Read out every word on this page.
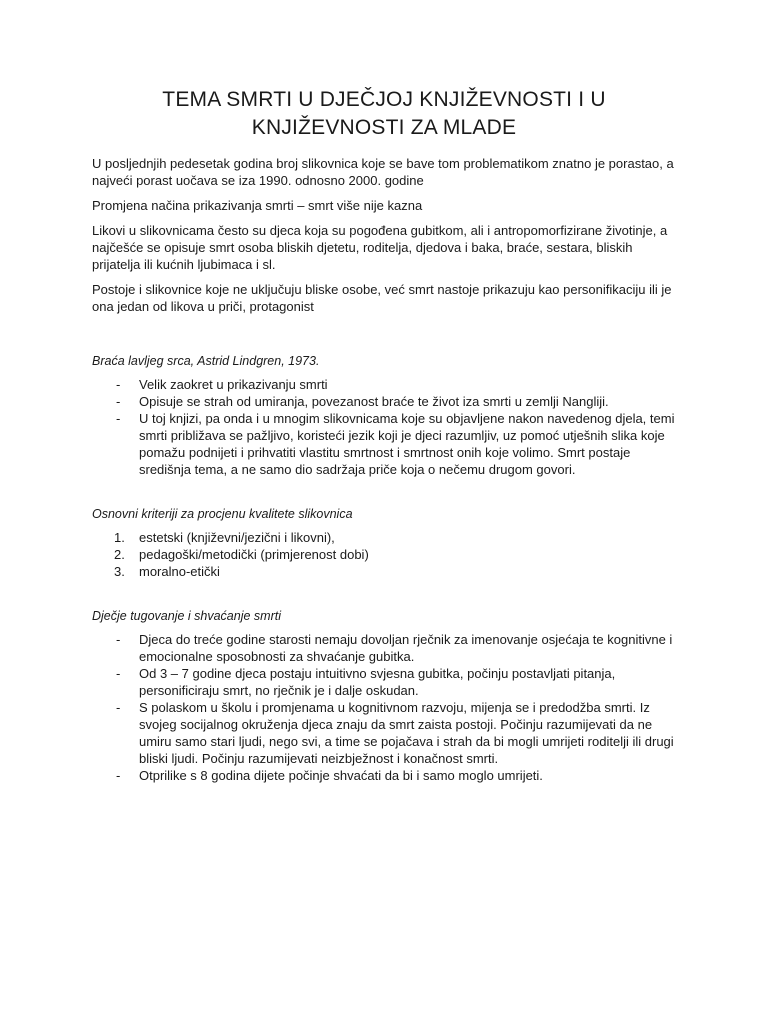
TEMA SMRTI U DJEČJOJ KNJIŽEVNOSTI I U KNJIŽEVNOSTI ZA MLADE

U posljednjih pedesetak godina broj slikovnica koje se bave tom problematikom znatno je porastao, a najveći porast uočava se iza 1990. odnosno 2000. godine

Promjena načina prikazivanja smrti – smrt više nije kazna

Likovi u slikovnicama često su djeca koja su pogođena gubitkom, ali i antropomorfizirane životinje, a najčešće se opisuje smrt osoba bliskih djetetu, roditelja, djedova i baka, braće, sestara, bliskih prijatelja ili kućnih ljubimaca i sl.

Postoje i slikovnice koje ne uključuju bliske osobe, već smrt nastoje prikazuju kao personifikaciju ili je ona jedan od likova u priči, protagonist

Braća lavljeg srca, Astrid Lindgren, 1973.

- Velik zaokret u prikazivanju smrti
- Opisuje se strah od umiranja, povezanost braće te život iza smrti u zemlji Nangliji.
- U toj knjizi, pa onda i u mnogim slikovnicama koje su objavljene nakon navedenog djela, temi smrti približava se pažljivo, koristeći jezik koji je djeci razumljiv, uz pomoć utješnih slika koje pomažu podnijeti i prihvatiti vlastitu smrtnost i smrtnost onih koje volimo. Smrt postaje središnja tema, a ne samo dio sadržaja priče koja o nečemu drugom govori.

Osnovni kriteriji za procjenu kvalitete slikovnica

1. estetski (književni/jezični i likovni),
2. pedagoški/metodički (primjerenost dobi)
3. moralno-etički

Dječje tugovanje i shvaćanje smrti

- Djeca do treće godine starosti nemaju dovoljan rječnik za imenovanje osjećaja te kognitivne i emocionalne sposobnosti za shvaćanje gubitka.
- Od 3 – 7 godine djeca postaju intuitivno svjesna gubitka, počinju postavljati pitanja, personificiraju smrt, no rječnik je i dalje oskudan.
- S polaskom u školu i promjenama u kognitivnom razvoju, mijenja se i predodžba smrti. Iz svojeg socijalnog okruženja djeca znaju da smrt zaista postoji. Počinju razumijevati da ne umiru samo stari ljudi, nego svi, a time se pojačava i strah da bi mogli umrijeti roditelji ili drugi bliski ljudi. Počinju razumijevati neizbježnost i konačnost smrti.
- Otprilike s 8 godina dijete počinje shvaćati da bi i samo moglo umrijeti.
